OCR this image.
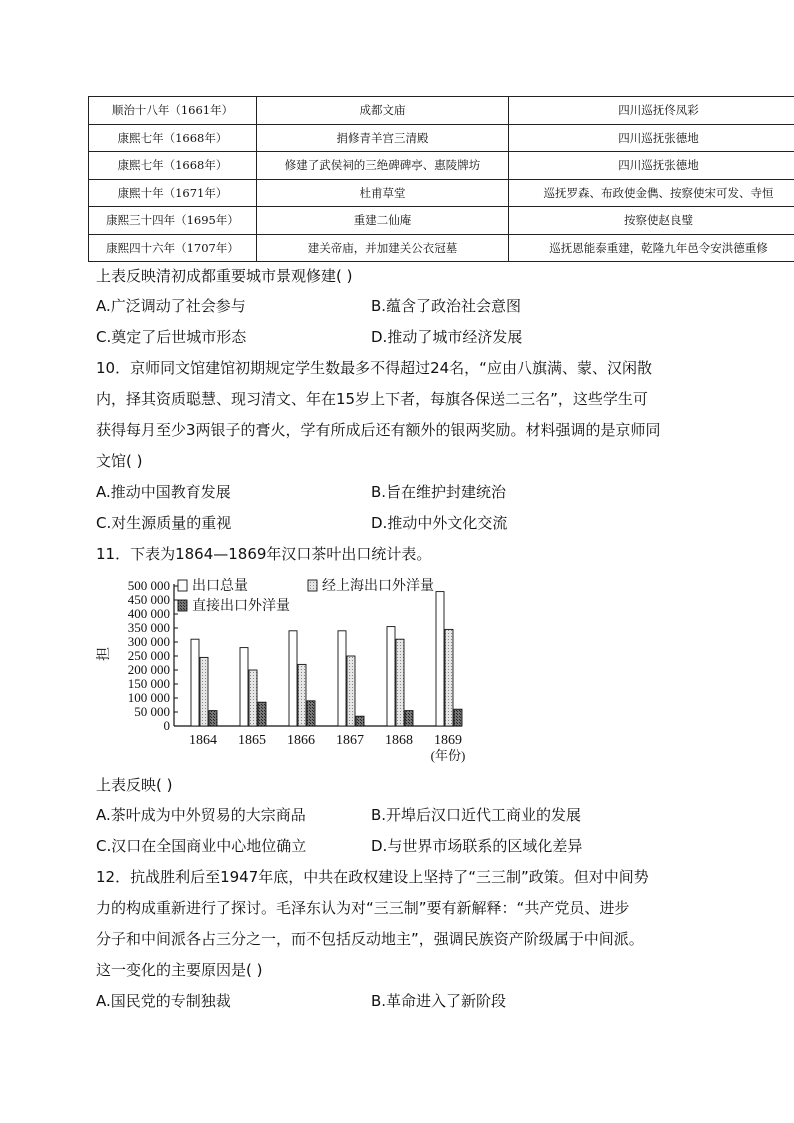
顺治十八年（1661年）	成都文庙	四川巡抚佟凤彩
康熙七年（1668年）	捐修青羊宫三清殿	四川巡抚张德地
康熙七年（1668年）	修建了武侯祠的三绝碑碑亭、惠陵牌坊	四川巡抚张德地
康熙十年（1671年）	杜甫草堂	巡抚罗森、布政使金儁、按察使宋可发、寺恒
康熙三十四年（1695年）	重建二仙庵	按察使赵良璧
康熙四十六年（1707年）	建关帝庙，并加建关公衣冠墓	巡抚恩能泰重建，乾隆九年邑令安洪德重修
上表反映清初成都重要城市景观修建( )
A.广泛调动了社会参与	B.蕴含了政治社会意图
C.奠定了后世城市形态	D.推动了城市经济发展
10．京师同文馆建馆初期规定学生数最多不得超过24名，“应由八旗满、蒙、汉闲散
内，择其资质聪慧、现习清文、年在15岁上下者，每旗各保送二三名”，这些学生可
获得每月至少3两银子的膏火，学有所成后还有额外的银两奖励。材料强调的是京师同
文馆( )
A.推动中国教育发展	B.旨在维护封建统治
C.对生源质量的重视	D.推动中外文化交流
11．下表为1864—1869年汉口茶叶出口统计表。
0
50 000
100 000
150 000
200 000
250 000
300 000
350 000
400 000
450 000
500 000
担
1864 1865 1866 1867 1868 1869
(年份)
出口总量	经上海出口外洋量
直接出口外洋量
上表反映( )
A.茶叶成为中外贸易的大宗商品	B.开埠后汉口近代工商业的发展
C.汉口在全国商业中心地位确立	D.与世界市场联系的区域化差异
12．抗战胜利后至1947年底，中共在政权建设上坚持了“三三制”政策。但对中间势
力的构成重新进行了探讨。毛泽东认为对“三三制”要有新解释：“共产党员、进步
分子和中间派各占三分之一，而不包括反动地主”，强调民族资产阶级属于中间派。
这一变化的主要原因是( )
A.国民党的专制独裁	B.革命进入了新阶段
